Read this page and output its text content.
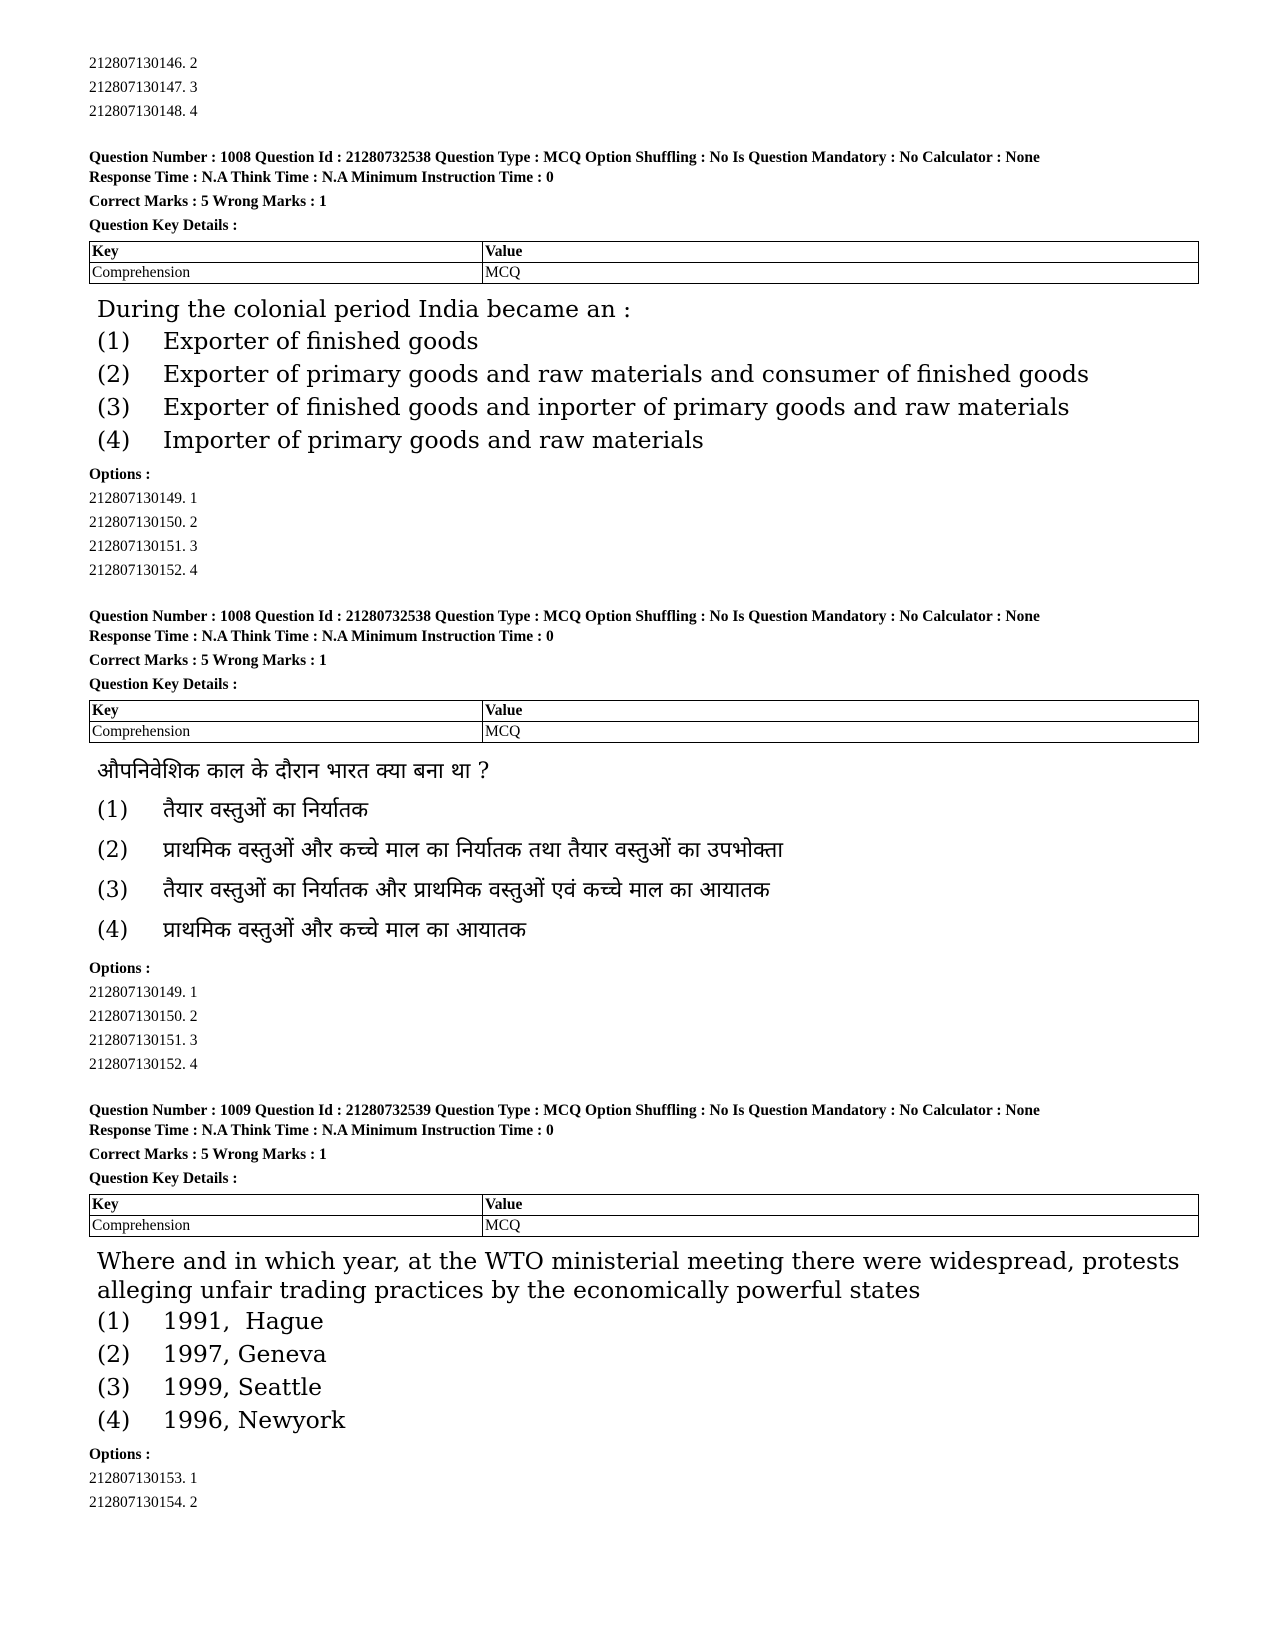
212807130146. 2
212807130147. 3
212807130148. 4
Question Number : 1008 Question Id : 21280732538 Question Type : MCQ Option Shuffling : No Is Question Mandatory : No Calculator : None
Response Time : N.A Think Time : N.A Minimum Instruction Time : 0
Correct Marks : 5 Wrong Marks : 1
Question Key Details :
Key	Value
Comprehension	MCQ
During the colonial period India became an :
(1)	Exporter of finished goods
(2)	Exporter of primary goods and raw materials and consumer of finished goods
(3)	Exporter of finished goods and inporter of primary goods and raw materials
(4)	Importer of primary goods and raw materials
Options :
212807130149. 1
212807130150. 2
212807130151. 3
212807130152. 4
Question Number : 1008 Question Id : 21280732538 Question Type : MCQ Option Shuffling : No Is Question Mandatory : No Calculator : None
Response Time : N.A Think Time : N.A Minimum Instruction Time : 0
Correct Marks : 5 Wrong Marks : 1
Question Key Details :
Key	Value
Comprehension	MCQ
औपनिवेशिक काल के दौरान भारत क्या बना था ?
(1)	तैयार वस्तुओं का निर्यातक
(2)	प्राथमिक वस्तुओं और कच्चे माल का निर्यातक तथा तैयार वस्तुओं का उपभोक्ता
(3)	तैयार वस्तुओं का निर्यातक और प्राथमिक वस्तुओं एवं कच्चे माल का आयातक
(4)	प्राथमिक वस्तुओं और कच्चे माल का आयातक
Options :
212807130149. 1
212807130150. 2
212807130151. 3
212807130152. 4
Question Number : 1009 Question Id : 21280732539 Question Type : MCQ Option Shuffling : No Is Question Mandatory : No Calculator : None
Response Time : N.A Think Time : N.A Minimum Instruction Time : 0
Correct Marks : 5 Wrong Marks : 1
Question Key Details :
Key	Value
Comprehension	MCQ
Where and in which year, at the WTO ministerial meeting there were widespread, protests alleging unfair trading practices by the economically powerful states
(1)	1991,  Hague
(2)	1997, Geneva
(3)	1999, Seattle
(4)	1996, Newyork
Options :
212807130153. 1
212807130154. 2
